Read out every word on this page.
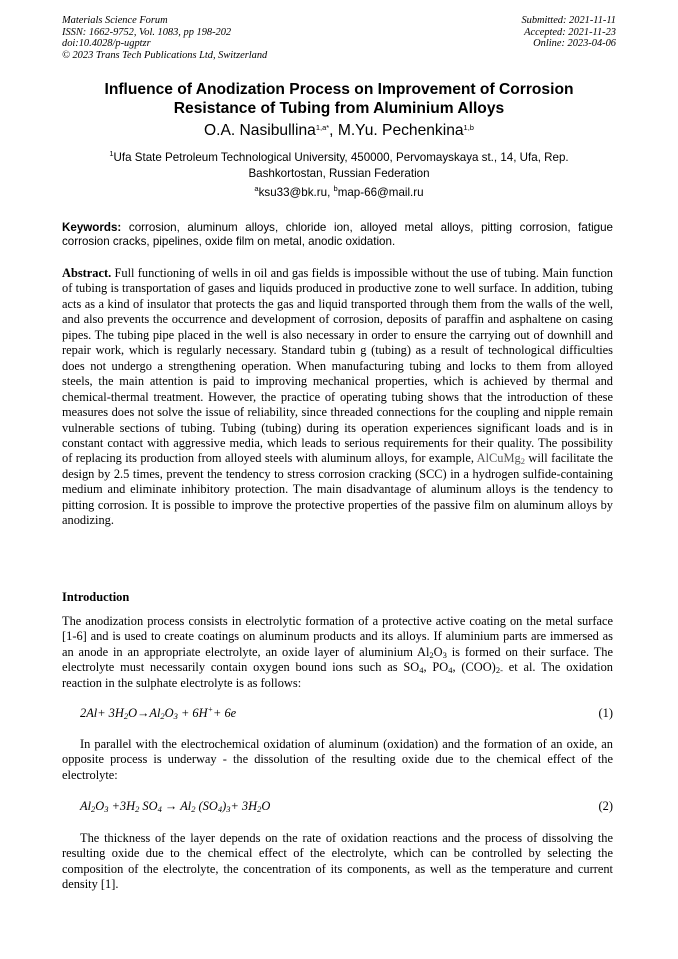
Materials Science Forum
ISSN: 1662-9752, Vol. 1083, pp 198-202
doi:10.4028/p-ugptzr
© 2023 Trans Tech Publications Ltd, Switzerland
Submitted: 2021-11-11
Accepted: 2021-11-23
Online: 2023-04-06
Influence of Anodization Process on Improvement of Corrosion
Resistance of Tubing from Aluminium Alloys
O.A. Nasibullina$^{1,a*}$, M.Yu. Pechenkina$^{1,b}$
$^1$Ufa State Petroleum Technological University, 450000, Pervomayskaya st., 14, Ufa, Rep.
Bashkortostan, Russian Federation
$^a$ksu33@bk.ru, $^b$map-66@mail.ru
Keywords: corrosion, aluminum alloys, chloride ion, alloyed metal alloys, pitting corrosion, fatigue corrosion cracks, pipelines, oxide film on metal, anodic oxidation.
Abstract. Full functioning of wells in oil and gas fields is impossible without the use of tubing. Main function of tubing is transportation of gases and liquids produced in productive zone to well surface. In addition, tubing acts as a kind of insulator that protects the gas and liquid transported through them from the walls of the well, and also prevents the occurrence and development of corrosion, deposits of paraffin and asphaltene on casing pipes. The tubing pipe placed in the well is also necessary in order to ensure the carrying out of downhill and repair work, which is regularly necessary. Standard tubin g (tubing) as a result of technological difficulties does not undergo a strengthening operation. When manufacturing tubing and locks to them from alloyed steels, the main attention is paid to improving mechanical properties, which is achieved by thermal and chemical-thermal treatment. However, the practice of operating tubing shows that the introduction of these measures does not solve the issue of reliability, since threaded connections for the coupling and nipple remain vulnerable sections of tubing. Tubing (tubing) during its operation experiences significant loads and is in constant contact with aggressive media, which leads to serious requirements for their quality. The possibility of replacing its production from alloyed steels with aluminum alloys, for example, AlCuMg$_2$ will facilitate the design by 2.5 times, prevent the tendency to stress corrosion cracking (SCC) in a hydrogen sulfide-containing medium and eliminate inhibitory protection. The main disadvantage of aluminum alloys is the tendency to pitting corrosion. It is possible to improve the protective properties of the passive film on aluminum alloys by anodizing.
Introduction
The anodization process consists in electrolytic formation of a protective active coating on the metal surface [1-6] and is used to create coatings on aluminum products and its alloys. If aluminium parts are immersed as an anode in an appropriate electrolyte, an oxide layer of aluminium $Al_2O_3$ is formed on their surface. The electrolyte must necessarily contain oxygen bound ions such as $SO_4$, $PO_4$, $(COO)_{2-}$ et al. The oxidation reaction in the sulphate electrolyte is as follows:
$2Al+ 3H_2O\to Al_2O_3 + 6H^++ 6e$	(1)
In parallel with the electrochemical oxidation of aluminum (oxidation) and the formation of an oxide, an opposite process is underway - the dissolution of the resulting oxide due to the chemical effect of the electrolyte:
$Al_2O_3 +3H_2$ $SO_4 \to Al_2$ $(SO_4)_3+ 3H_2O$	(2)
The thickness of the layer depends on the rate of oxidation reactions and the process of dissolving the resulting oxide due to the chemical effect of the electrolyte, which can be controlled by selecting the composition of the electrolyte, the concentration of its components, as well as the temperature and current density [1].
